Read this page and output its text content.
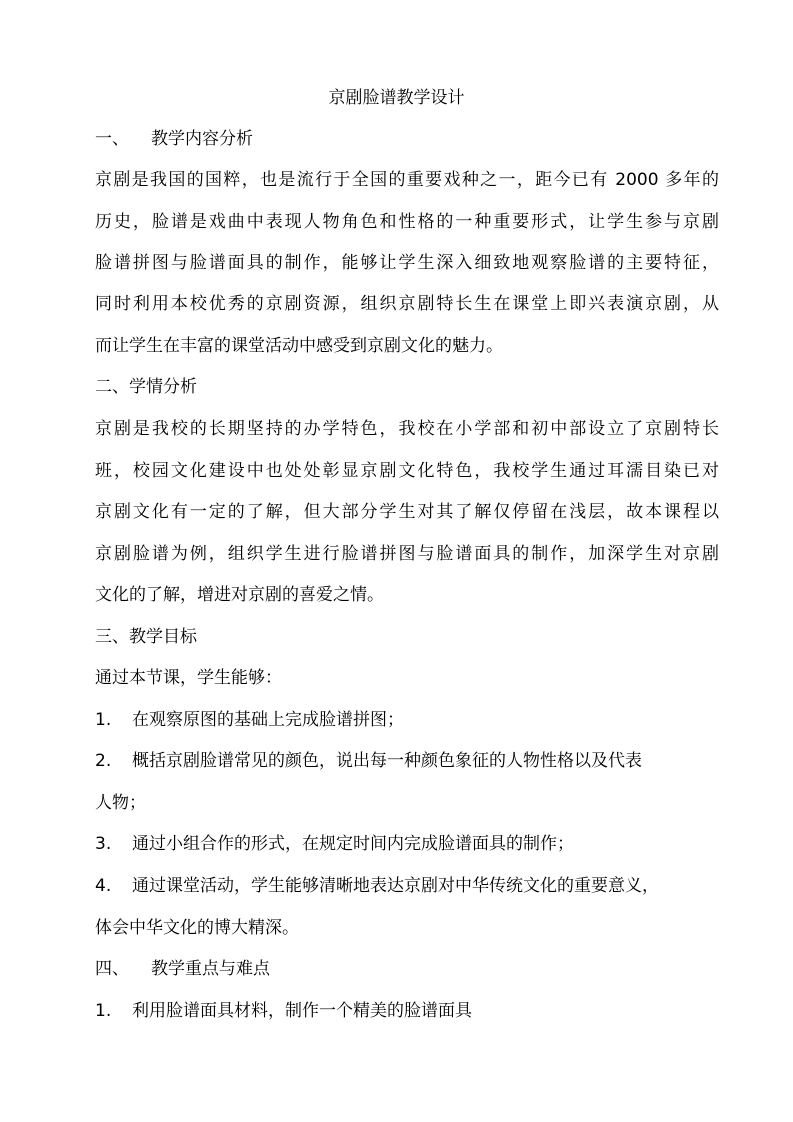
京剧脸谱教学设计
一、 教学内容分析
京剧是我国的国粹，也是流行于全国的重要戏种之一，距今已有 2000 多年的
历史，脸谱是戏曲中表现人物角色和性格的一种重要形式，让学生参与京剧
脸谱拼图与脸谱面具的制作，能够让学生深入细致地观察脸谱的主要特征，
同时利用本校优秀的京剧资源，组织京剧特长生在课堂上即兴表演京剧，从
而让学生在丰富的课堂活动中感受到京剧文化的魅力。
二、学情分析
京剧是我校的长期坚持的办学特色，我校在小学部和初中部设立了京剧特长
班，校园文化建设中也处处彰显京剧文化特色，我校学生通过耳濡目染已对
京剧文化有一定的了解，但大部分学生对其了解仅停留在浅层，故本课程以
京剧脸谱为例，组织学生进行脸谱拼图与脸谱面具的制作，加深学生对京剧
文化的了解，增进对京剧的喜爱之情。
三、教学目标
通过本节课，学生能够：
1. 在观察原图的基础上完成脸谱拼图；
2. 概括京剧脸谱常见的颜色，说出每一种颜色象征的人物性格以及代表
人物；
3. 通过小组合作的形式，在规定时间内完成脸谱面具的制作；
4. 通过课堂活动，学生能够清晰地表达京剧对中华传统文化的重要意义，
体会中华文化的博大精深。
四、 教学重点与难点
1. 利用脸谱面具材料，制作一个精美的脸谱面具
